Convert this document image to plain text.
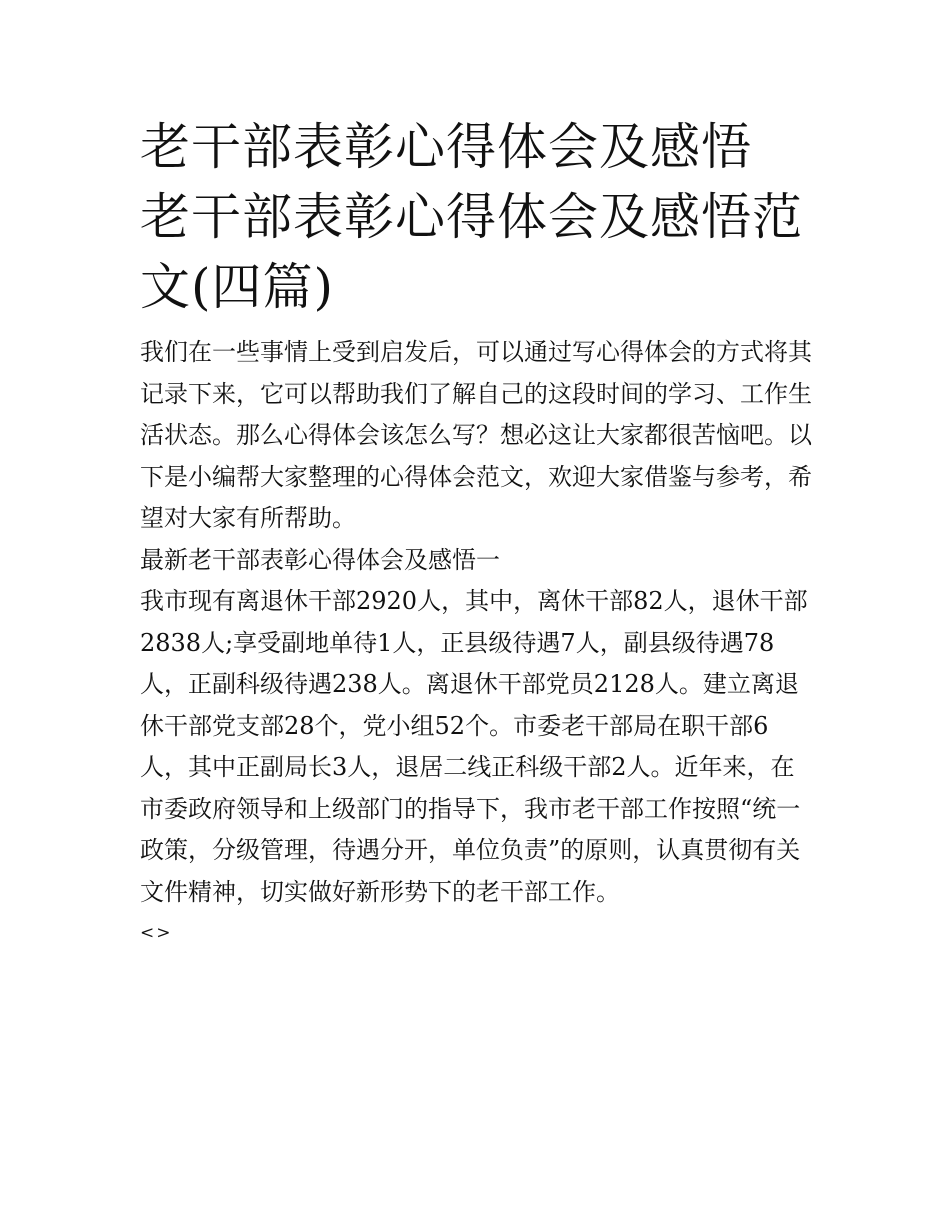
老干部表彰心得体会及感悟 老干部表彰心得体会及感悟范文(四篇)

我们在一些事情上受到启发后，可以通过写心得体会的方式将其记录下来，它可以帮助我们了解自己的这段时间的学习、工作生活状态。那么心得体会该怎么写？想必这让大家都很苦恼吧。以下是小编帮大家整理的心得体会范文，欢迎大家借鉴与参考，希望对大家有所帮助。

最新老干部表彰心得体会及感悟一

我市现有离退休干部2920人，其中，离休干部82人，退休干部2838人;享受副地单待1人，正县级待遇7人，副县级待遇78人，正副科级待遇238人。离退休干部党员2128人。建立离退休干部党支部28个，党小组52个。市委老干部局在职干部6人，其中正副局长3人，退居二线正科级干部2人。近年来，在市委政府领导和上级部门的指导下，我市老干部工作按照“统一政策，分级管理，待遇分开，单位负责”的原则，认真贯彻有关文件精神，切实做好新形势下的老干部工作。

<>
